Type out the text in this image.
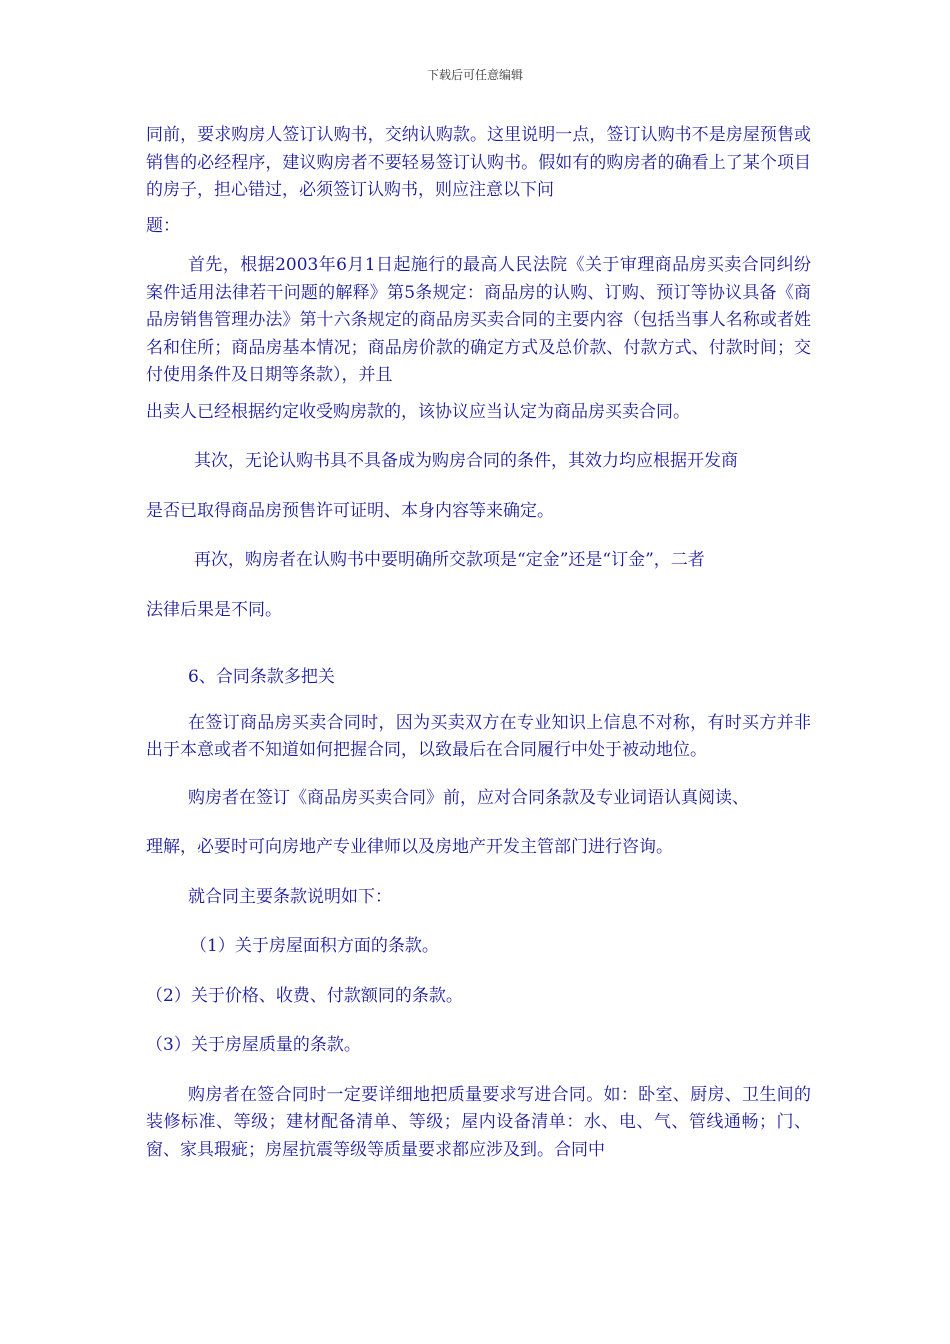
下载后可任意编辑

同前，要求购房人签订认购书，交纳认购款。这里说明一点，签订认购书不是房屋预售或销售的必经程序，建议购房者不要轻易签订认购书。假如有的购房者的确看上了某个项目的房子，担心错过，必须签订认购书，则应注意以下问

题：

首先，根据2003年6月1日起施行的最高人民法院《关于审理商品房买卖合同纠纷案件适用法律若干问题的解释》第5条规定：商品房的认购、订购、预订等协议具备《商品房销售管理办法》第十六条规定的商品房买卖合同的主要内容（包括当事人名称或者姓名和住所；商品房基本情况；商品房价款的确定方式及总价款、付款方式、付款时间；交付使用条件及日期等条款），并且

出卖人已经根据约定收受购房款的，该协议应当认定为商品房买卖合同。

其次，无论认购书具不具备成为购房合同的条件，其效力均应根据开发商

是否已取得商品房预售许可证明、本身内容等来确定。

再次，购房者在认购书中要明确所交款项是“定金”还是“订金”，二者

法律后果是不同。

6、合同条款多把关

在签订商品房买卖合同时，因为买卖双方在专业知识上信息不对称，有时买方并非出于本意或者不知道如何把握合同，以致最后在合同履行中处于被动地位。

购房者在签订《商品房买卖合同》前，应对合同条款及专业词语认真阅读、

理解，必要时可向房地产专业律师以及房地产开发主管部门进行咨询。

就合同主要条款说明如下：

（1）关于房屋面积方面的条款。

（2）关于价格、收费、付款额同的条款。

（3）关于房屋质量的条款。

购房者在签合同时一定要详细地把质量要求写进合同。如：卧室、厨房、卫生间的装修标准、等级；建材配备清单、等级；屋内设备清单：水、电、气、管线通畅；门、窗、家具瑕疵；房屋抗震等级等质量要求都应涉及到。合同中
